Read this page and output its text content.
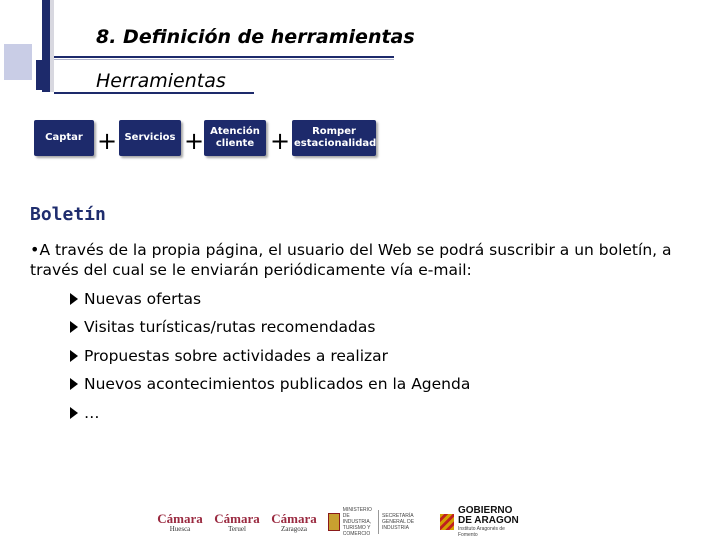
8. Definición de herramientas
Herramientas
Captar + Servicios + Atención cliente +	Romper estacionalidad
Boletín
•A través de la propia página, el usuario del Web se podrá suscribir a un boletín, a través del cual se le enviarán periódicamente vía e-mail:
Nuevas ofertas
Visitas turísticas/rutas recomendadas
Propuestas sobre actividades a realizar
Nuevos acontecimientos publicados en la Agenda
…
Cámara
Huesca
Cámara
Teruel
Cámara
Zaragoza
MINISTERIO DE INDUSTRIA, TURISMO Y COMERCIO
SECRETARÍA GENERAL DE INDUSTRIA
GOBIERNO
DE ARAGON
Instituto Aragonés de Fomento
